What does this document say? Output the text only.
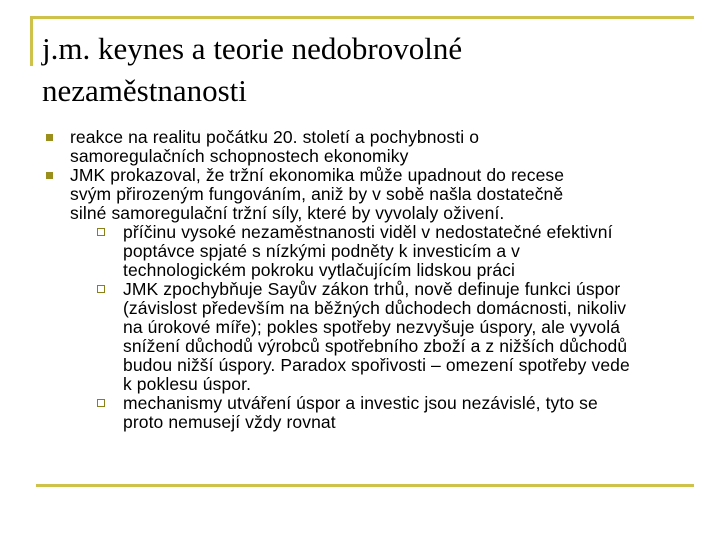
j.m. keynes a teorie nedobrovolné
nezaměstnanosti
reakce na realitu počátku 20. století a pochybnosti o
samoregulačních schopnostech ekonomiky
JMK prokazoval, že tržní ekonomika může upadnout do recese
svým přirozeným fungováním, aniž by v sobě našla dostatečně
silné samoregulační tržní síly, které by vyvolaly oživení.
příčinu vysoké nezaměstnanosti viděl v nedostatečné efektivní
poptávce spjaté s nízkými podněty k investicím a v
technologickém pokroku vytlačujícím lidskou práci
JMK zpochybňuje Sayův zákon trhů, nově definuje funkci úspor
(závislost především na běžných důchodech domácnosti, nikoliv
na úrokové míře); pokles spotřeby nezvyšuje úspory, ale vyvolá
snížení důchodů výrobců spotřebního zboží a z nižších důchodů
budou nižší úspory. Paradox spořivosti – omezení spotřeby vede
k poklesu úspor.
mechanismy utváření úspor a investic jsou nezávislé, tyto se
proto nemusejí vždy rovnat
